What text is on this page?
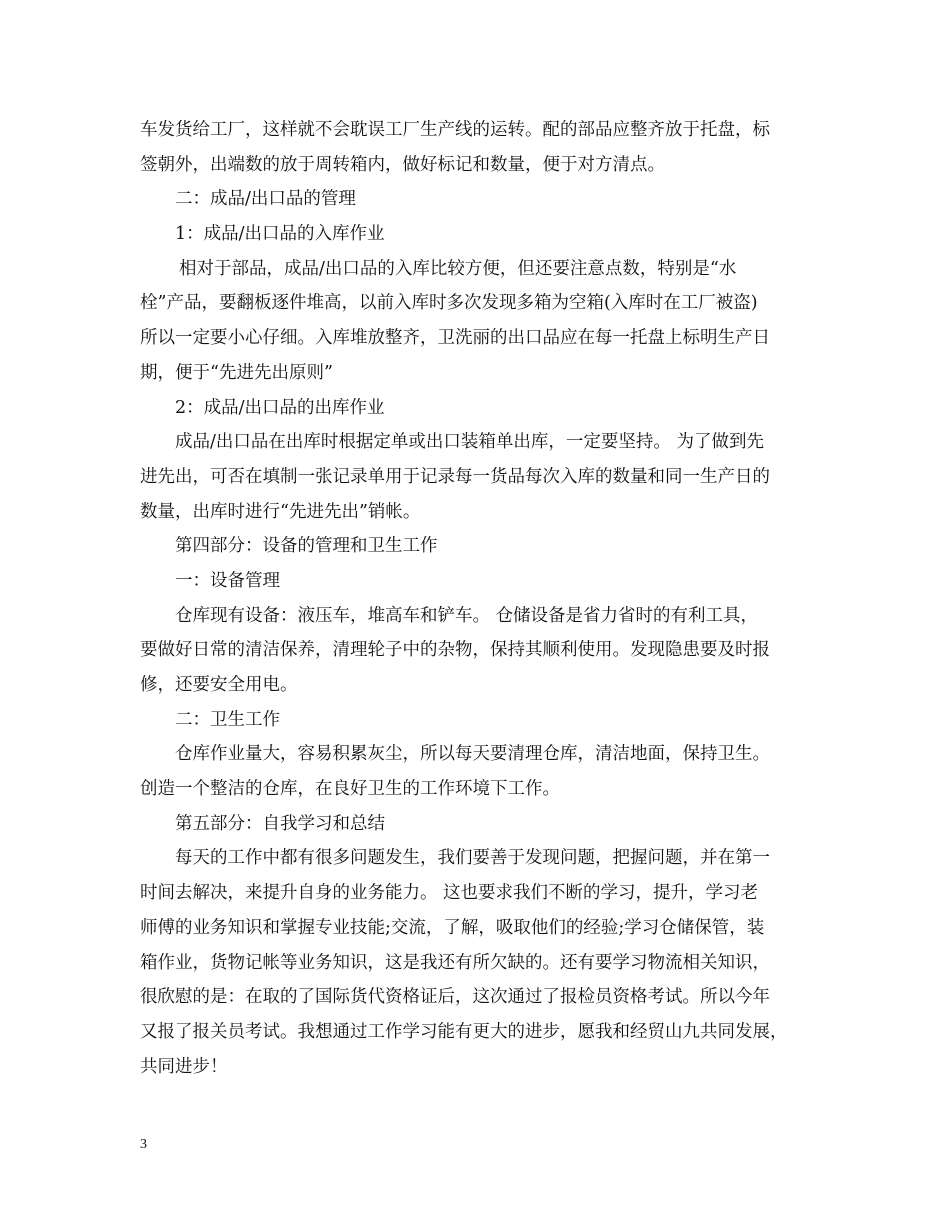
车发货给工厂，这样就不会耽误工厂生产线的运转。配的部品应整齐放于托盘，标
签朝外，出端数的放于周转箱内，做好标记和数量，便于对方清点。
二：成品/出口品的管理
1：成品/出口品的入库作业
相对于部品，成品/出口品的入库比较方便，但还要注意点数，特别是“水
栓”产品，要翻板逐件堆高，以前入库时多次发现多箱为空箱(入库时在工厂被盗)
所以一定要小心仔细。入库堆放整齐，卫洗丽的出口品应在每一托盘上标明生产日
期，便于“先进先出原则”
2：成品/出口品的出库作业
成品/出口品在出库时根据定单或出口装箱单出库，一定要坚持。 为了做到先
进先出，可否在填制一张记录单用于记录每一货品每次入库的数量和同一生产日的
数量，出库时进行“先进先出”销帐。
第四部分：设备的管理和卫生工作
一：设备管理
仓库现有设备：液压车，堆高车和铲车。 仓储设备是省力省时的有利工具，
要做好日常的清洁保养，清理轮子中的杂物，保持其顺利使用。发现隐患要及时报
修，还要安全用电。
二：卫生工作
仓库作业量大，容易积累灰尘，所以每天要清理仓库，清洁地面，保持卫生。
创造一个整洁的仓库，在良好卫生的工作环境下工作。
第五部分：自我学习和总结
每天的工作中都有很多问题发生，我们要善于发现问题，把握问题，并在第一
时间去解决，来提升自身的业务能力。 这也要求我们不断的学习，提升，学习老
师傅的业务知识和掌握专业技能;交流，了解，吸取他们的经验;学习仓储保管，装
箱作业，货物记帐等业务知识，这是我还有所欠缺的。还有要学习物流相关知识，
很欣慰的是：在取的了国际货代资格证后，这次通过了报检员资格考试。所以今年
又报了报关员考试。我想通过工作学习能有更大的进步，愿我和经贸山九共同发展，
共同进步！
3
